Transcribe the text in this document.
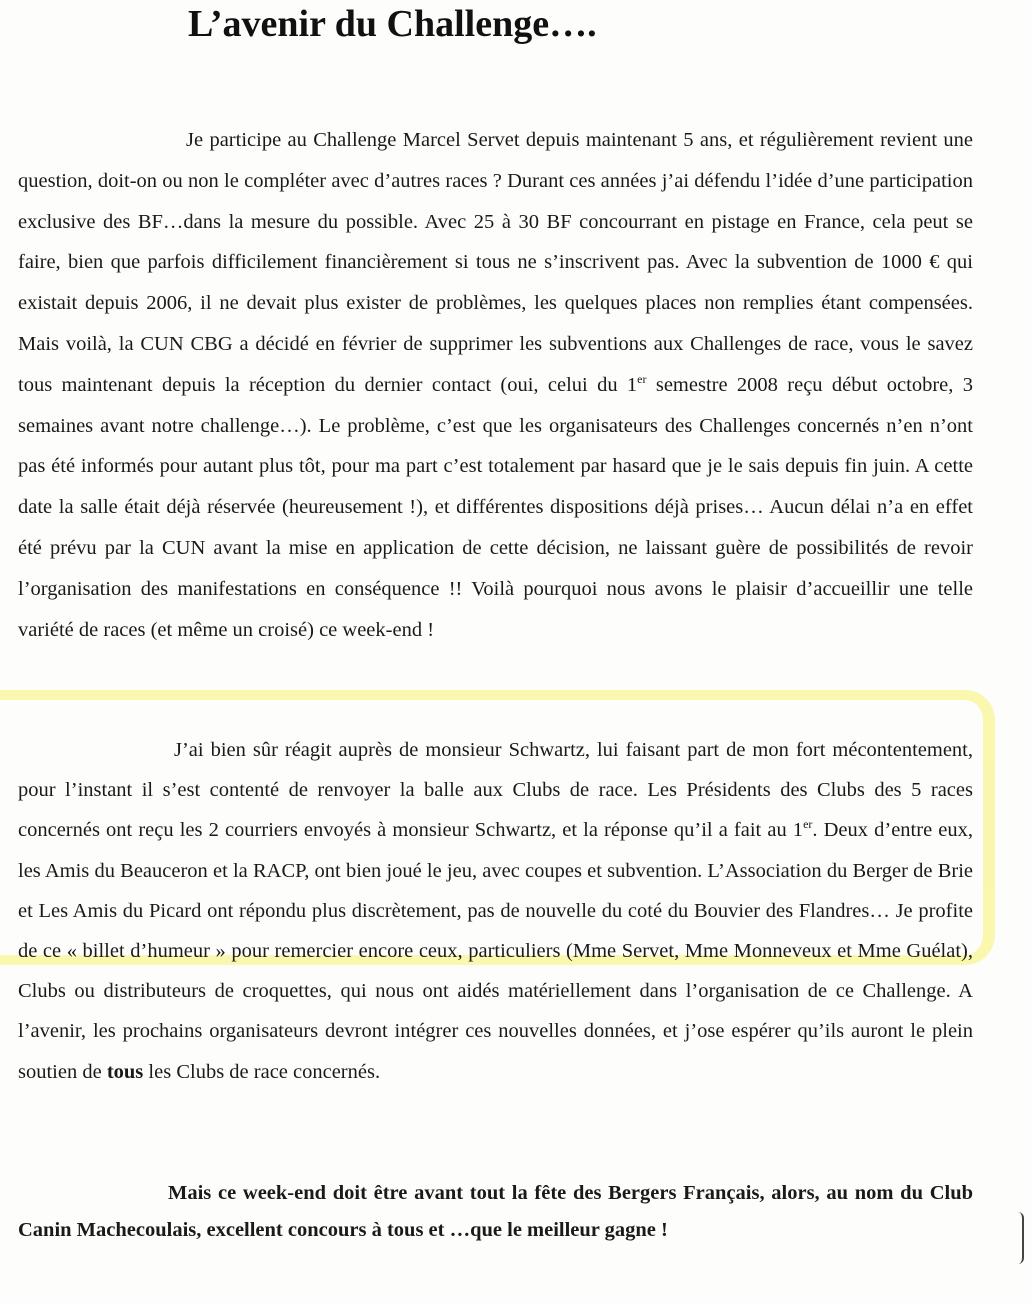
L’avenir du Challenge….

Je participe au Challenge Marcel Servet depuis maintenant 5 ans, et régulièrement revient une question, doit-on ou non le compléter avec d’autres races ? Durant ces années j’ai défendu l’idée d’une participation exclusive des BF…dans la mesure du possible. Avec 25 à 30 BF concourrant en pistage en France, cela peut se faire, bien que parfois difficilement financièrement si tous ne s’inscrivent pas. Avec la subvention de 1000 € qui existait depuis 2006, il ne devait plus exister de problèmes, les quelques places non remplies étant compensées. Mais voilà, la CUN CBG a décidé en février de supprimer les subventions aux Challenges de race, vous le savez tous maintenant depuis la réception du dernier contact (oui, celui du 1er semestre 2008 reçu début octobre, 3 semaines avant notre challenge…). Le problème, c’est que les organisateurs des Challenges concernés n’en n’ont pas été informés pour autant plus tôt, pour ma part c’est totalement par hasard que je le sais depuis fin juin. A cette date la salle était déjà réservée (heureusement !), et différentes dispositions déjà prises… Aucun délai n’a en effet été prévu par la CUN avant la mise en application de cette décision, ne laissant guère de possibilités de revoir l’organisation des manifestations en conséquence !! Voilà pourquoi nous avons le plaisir d’accueillir une telle variété de races (et même un croisé) ce week-end !

J’ai bien sûr réagit auprès de monsieur Schwartz, lui faisant part de mon fort mécontentement, pour l’instant il s’est contenté de renvoyer la balle aux Clubs de race. Les Présidents des Clubs des 5 races concernés ont reçu les 2 courriers envoyés à monsieur Schwartz, et la réponse qu’il a fait au 1er. Deux d’entre eux, les Amis du Beauceron et la RACP, ont bien joué le jeu, avec coupes et subvention. L’Association du Berger de Brie et Les Amis du Picard ont répondu plus discrètement, pas de nouvelle du coté du Bouvier des Flandres… Je profite de ce « billet d’humeur » pour remercier encore ceux, particuliers (Mme Servet, Mme Monneveux et Mme Guélat), Clubs ou distributeurs de croquettes, qui nous ont aidés matériellement dans l’organisation de ce Challenge. A l’avenir, les prochains organisateurs devront intégrer ces nouvelles données, et j’ose espérer qu’ils auront le plein soutien de tous les Clubs de race concernés.

Mais ce week-end doit être avant tout la fête des Bergers Français, alors, au nom du Club Canin Machecoulais, excellent concours à tous et …que le meilleur gagne !
